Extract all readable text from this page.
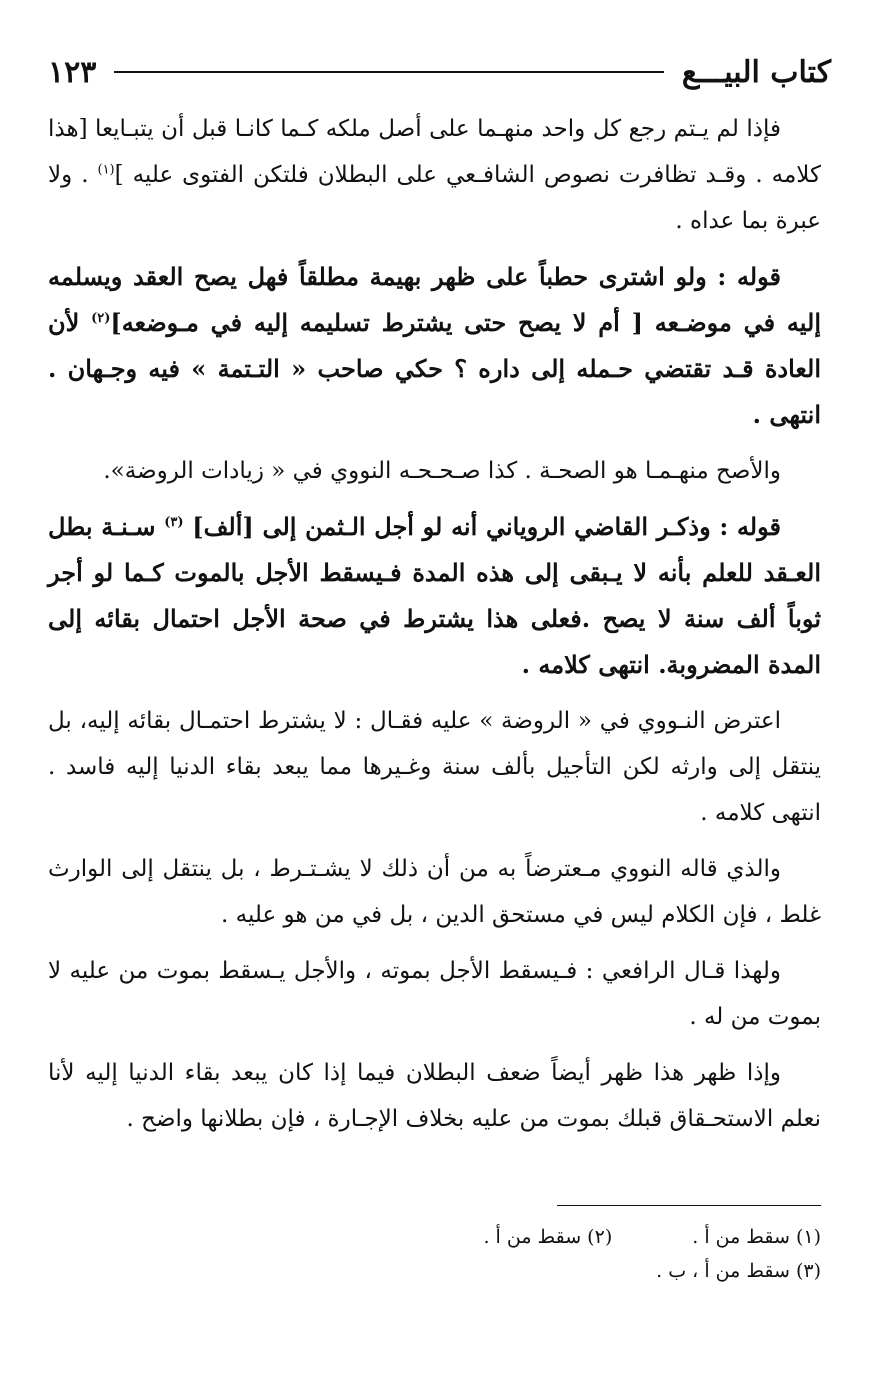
كتاب البيـــع
١٢٣

فإذا لم يـتم رجع كل واحد منهـما على أصل ملكه كـما كانـا قبل أن يتبـايعا [هذا كلامه . وقـد تظافرت نصوص الشافـعي على البطلان فلتكن الفتوى عليه ]$^{(١)}$ . ولا عبرة بما عداه .

قوله : ولو اشترى حطباً على ظهر بهيمة مطلقاً فهل يصح العقد ويسلمه إليه في موضـعه [ أم لا يصح حتى يشترط تسليمه إليه في مـوضعه]$^{(٢)}$ لأن العادة قـد تقتضي حـمله إلى داره ؟ حكي صاحب « التـتمة » فيه وجـهان . انتهى .

والأصح منهـمـا هو الصحـة . كذا صـحـحـه النووي في « زيادات الروضة».

قوله : وذكـر القاضي الروياني أنه لو أجل الـثمن إلى [ألف] $^{(٣)}$ سـنـة بطل العـقد للعلم بأنه لا يـبقى إلى هذه المدة فـيسقط الأجل بالموت كـما لو أجر ثوباً ألف سنة لا يصح .فعلى هذا يشترط في صحة الأجل احتمال بقائه إلى المدة المضروبة. انتهى كلامه .

اعترض النـووي في « الروضة » عليه فقـال : لا يشترط احتمـال بقائه إليه، بل ينتقل إلى وارثه لكن التأجيل بألف سنة وغـيرها مما يبعد بقاء الدنيا إليه فاسد . انتهى كلامه .

والذي قاله النووي مـعترضاً به من أن ذلك لا يشـتـرط ، بل ينتقل إلى الوارث غلط ، فإن الكلام ليس في مستحق الدين ، بل في من هو عليه .

ولهذا قـال الرافعي : فـيسقط الأجل بموته ، والأجل يـسقط بموت من عليه لا بموت من له .

وإذا ظهر هذا ظهر أيضاً ضعف البطلان فيما إذا كان يبعد بقاء الدنيا إليه لأنا نعلم الاستحـقاق قبلك بموت من عليه بخلاف الإجـارة ، فإن بطلانها واضح .

(١) سقط من أ .
(٢) سقط من أ .
(٣) سقط من أ ، ب .
